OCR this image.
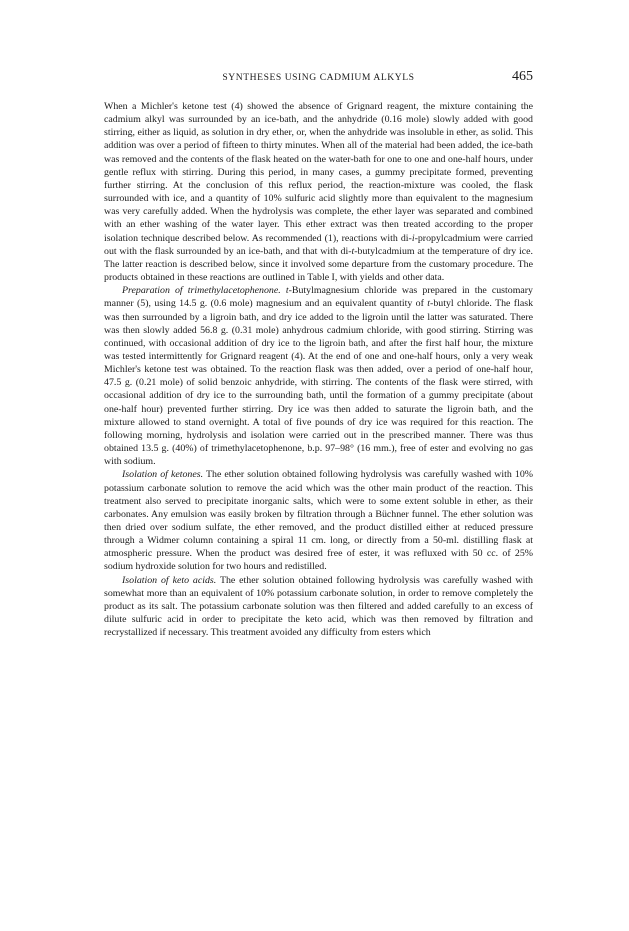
SYNTHESES USING CADMIUM ALKYLS	465

When a Michler's ketone test (4) showed the absence of Grignard reagent, the mixture containing the cadmium alkyl was surrounded by an ice-bath, and the anhydride (0.16 mole) slowly added with good stirring, either as liquid, as solution in dry ether, or, when the anhydride was insoluble in ether, as solid. This addition was over a period of fifteen to thirty minutes. When all of the material had been added, the ice-bath was removed and the contents of the flask heated on the water-bath for one to one and one-half hours, under gentle reflux with stirring. During this period, in many cases, a gummy precipitate formed, preventing further stirring. At the conclusion of this reflux period, the reaction-mixture was cooled, the flask surrounded with ice, and a quantity of 10% sulfuric acid slightly more than equivalent to the magnesium was very carefully added. When the hydrolysis was complete, the ether layer was separated and combined with an ether washing of the water layer. This ether extract was then treated according to the proper isolation technique described below. As recommended (1), reactions with di-i-propylcadmium were carried out with the flask surrounded by an ice-bath, and that with di-t-butylcadmium at the temperature of dry ice. The latter reaction is described below, since it involved some departure from the customary procedure. The products obtained in these reactions are outlined in Table I, with yields and other data.

Preparation of trimethylacetophenone. t-Butylmagnesium chloride was prepared in the customary manner (5), using 14.5 g. (0.6 mole) magnesium and an equivalent quantity of t-butyl chloride. The flask was then surrounded by a ligroin bath, and dry ice added to the ligroin until the latter was saturated. There was then slowly added 56.8 g. (0.31 mole) anhydrous cadmium chloride, with good stirring. Stirring was continued, with occasional addition of dry ice to the ligroin bath, and after the first half hour, the mixture was tested intermittently for Grignard reagent (4). At the end of one and one-half hours, only a very weak Michler's ketone test was obtained. To the reaction flask was then added, over a period of one-half hour, 47.5 g. (0.21 mole) of solid benzoic anhydride, with stirring. The contents of the flask were stirred, with occasional addition of dry ice to the surrounding bath, until the formation of a gummy precipitate (about one-half hour) prevented further stirring. Dry ice was then added to saturate the ligroin bath, and the mixture allowed to stand overnight. A total of five pounds of dry ice was required for this reaction. The following morning, hydrolysis and isolation were carried out in the prescribed manner. There was thus obtained 13.5 g. (40%) of trimethylacetophenone, b.p. 97–98° (16 mm.), free of ester and evolving no gas with sodium.

Isolation of ketones. The ether solution obtained following hydrolysis was carefully washed with 10% potassium carbonate solution to remove the acid which was the other main product of the reaction. This treatment also served to precipitate inorganic salts, which were to some extent soluble in ether, as their carbonates. Any emulsion was easily broken by filtration through a Büchner funnel. The ether solution was then dried over sodium sulfate, the ether removed, and the product distilled either at reduced pressure through a Widmer column containing a spiral 11 cm. long, or directly from a 50-ml. distilling flask at atmospheric pressure. When the product was desired free of ester, it was refluxed with 50 cc. of 25% sodium hydroxide solution for two hours and redistilled.

Isolation of keto acids. The ether solution obtained following hydrolysis was carefully washed with somewhat more than an equivalent of 10% potassium carbonate solution, in order to remove completely the product as its salt. The potassium carbonate solution was then filtered and added carefully to an excess of dilute sulfuric acid in order to precipitate the keto acid, which was then removed by filtration and recrystallized if necessary. This treatment avoided any difficulty from esters which
